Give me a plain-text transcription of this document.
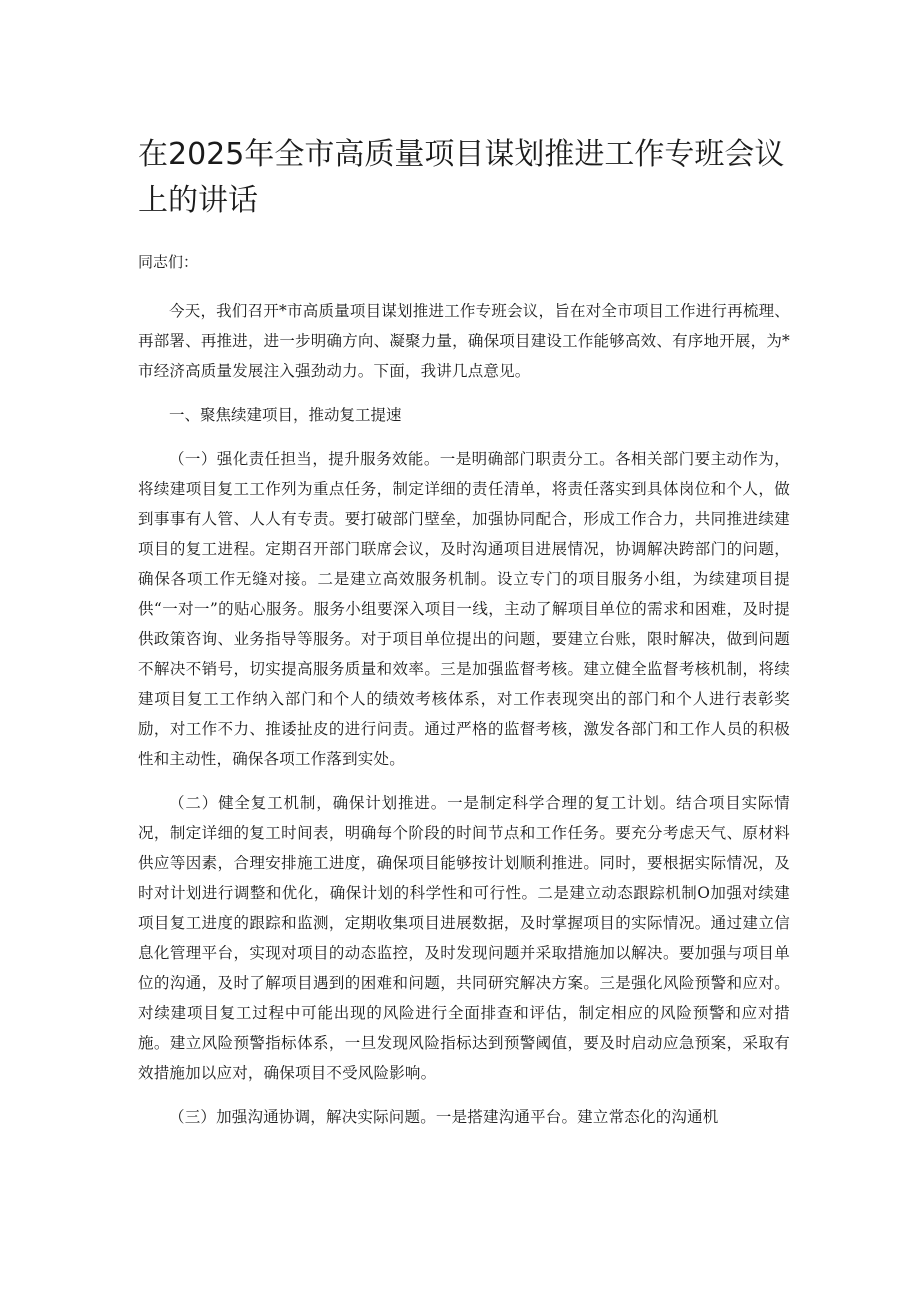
在2025年全市高质量项目谋划推进工作专班会议上的讲话

同志们：

今天，我们召开*市高质量项目谋划推进工作专班会议，旨在对全市项目工作进行再梳理、再部署、再推进，进一步明确方向、凝聚力量，确保项目建设工作能够高效、有序地开展，为*市经济高质量发展注入强劲动力。下面，我讲几点意见。

一、聚焦续建项目，推动复工提速

（一）强化责任担当，提升服务效能。一是明确部门职责分工。各相关部门要主动作为，将续建项目复工工作列为重点任务，制定详细的责任清单，将责任落实到具体岗位和个人，做到事事有人管、人人有专责。要打破部门壁垒，加强协同配合，形成工作合力，共同推进续建项目的复工进程。定期召开部门联席会议，及时沟通项目进展情况，协调解决跨部门的问题，确保各项工作无缝对接。二是建立高效服务机制。设立专门的项目服务小组，为续建项目提供“一对一”的贴心服务。服务小组要深入项目一线，主动了解项目单位的需求和困难，及时提供政策咨询、业务指导等服务。对于项目单位提出的问题，要建立台账，限时解决，做到问题不解决不销号，切实提高服务质量和效率。三是加强监督考核。建立健全监督考核机制，将续建项目复工工作纳入部门和个人的绩效考核体系，对工作表现突出的部门和个人进行表彰奖励，对工作不力、推诿扯皮的进行问责。通过严格的监督考核，激发各部门和工作人员的积极性和主动性，确保各项工作落到实处。

（二）健全复工机制，确保计划推进。一是制定科学合理的复工计划。结合项目实际情况，制定详细的复工时间表，明确每个阶段的时间节点和工作任务。要充分考虑天气、原材料供应等因素，合理安排施工进度，确保项目能够按计划顺利推进。同时，要根据实际情况，及时对计划进行调整和优化，确保计划的科学性和可行性。二是建立动态跟踪机制O加强对续建项目复工进度的跟踪和监测，定期收集项目进展数据，及时掌握项目的实际情况。通过建立信息化管理平台，实现对项目的动态监控，及时发现问题并采取措施加以解决。要加强与项目单位的沟通，及时了解项目遇到的困难和问题，共同研究解决方案。三是强化风险预警和应对。对续建项目复工过程中可能出现的风险进行全面排查和评估，制定相应的风险预警和应对措施。建立风险预警指标体系，一旦发现风险指标达到预警阈值，要及时启动应急预案，采取有效措施加以应对，确保项目不受风险影响。

（三）加强沟通协调，解决实际问题。一是搭建沟通平台。建立常态化的沟通机
